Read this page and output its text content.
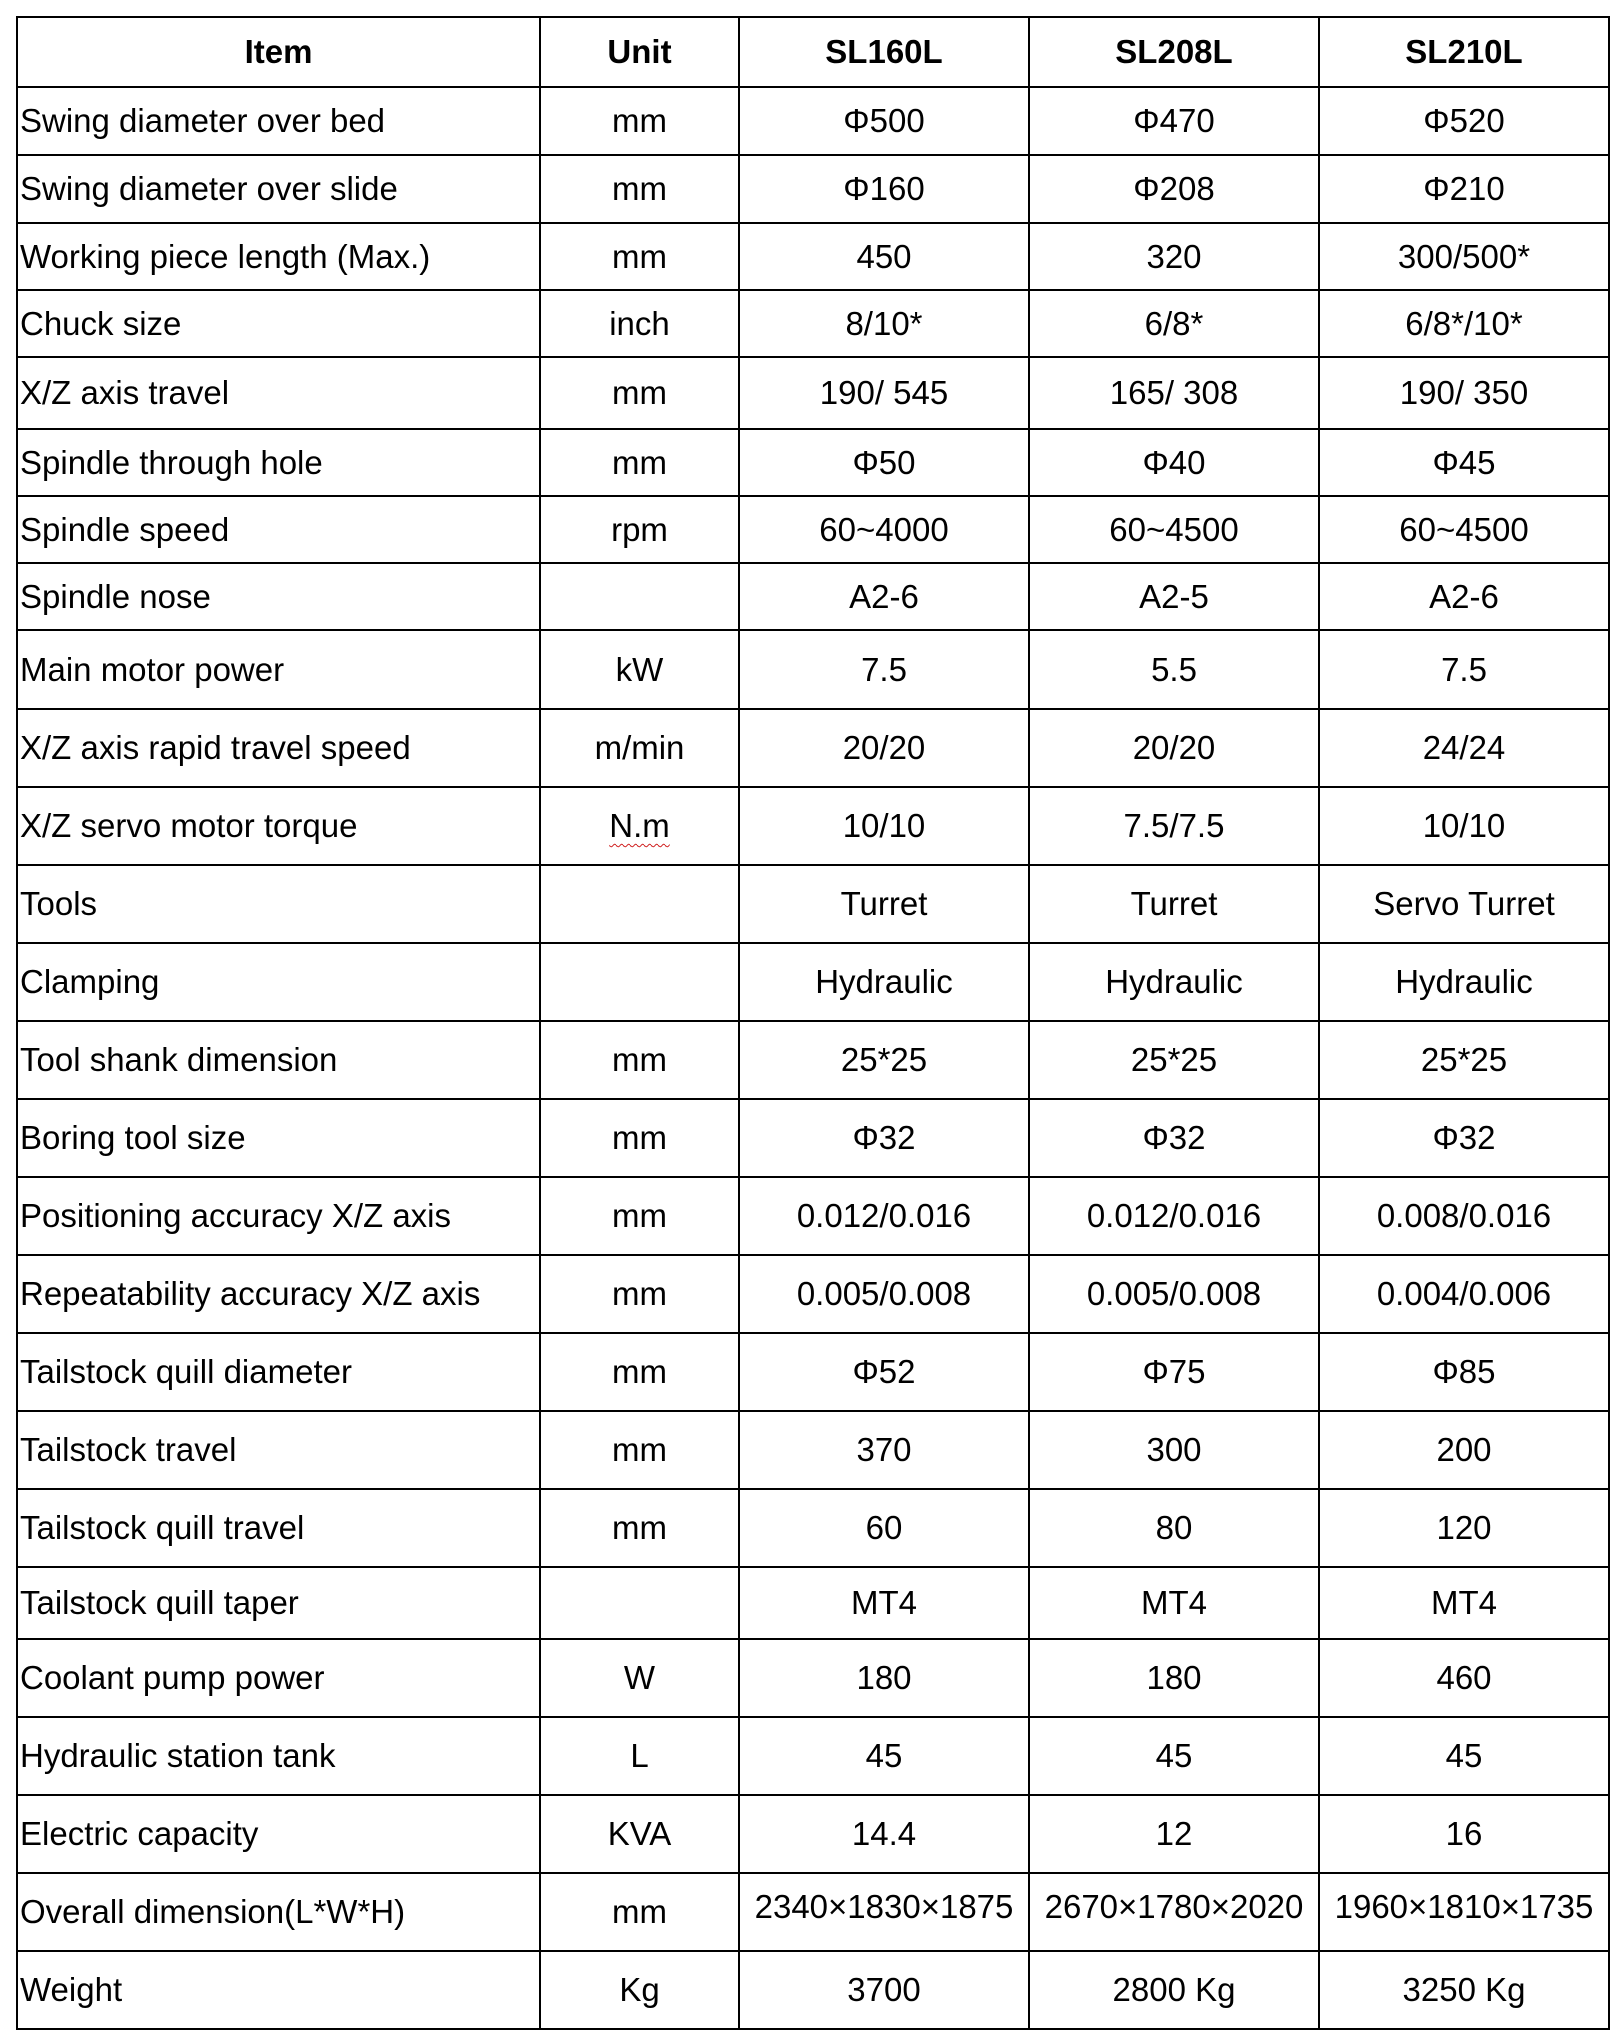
Item	Unit	SL160L	SL208L	SL210L
Swing diameter over bed	mm	Φ500	Φ470	Φ520
Swing diameter over slide	mm	Φ160	Φ208	Φ210
Working piece length (Max.)	mm	450	320	300/500*
Chuck size	inch	8/10*	6/8*	6/8*/10*
X/Z axis travel	mm	190/ 545	165/ 308	190/ 350
Spindle through hole	mm	Φ50	Φ40	Φ45
Spindle speed	rpm	60~4000	60~4500	60~4500
Spindle nose		A2-6	A2-5	A2-6
Main motor power	kW	7.5	5.5	7.5
X/Z axis rapid travel speed	m/min	20/20	20/20	24/24
X/Z servo motor torque	N.m	10/10	7.5/7.5	10/10
Tools		Turret	Turret	Servo Turret
Clamping		Hydraulic	Hydraulic	Hydraulic
Tool shank dimension	mm	25*25	25*25	25*25
Boring tool size	mm	Φ32	Φ32	Φ32
Positioning accuracy X/Z axis	mm	0.012/0.016	0.012/0.016	0.008/0.016
Repeatability accuracy X/Z axis	mm	0.005/0.008	0.005/0.008	0.004/0.006
Tailstock quill diameter	mm	Φ52	Φ75	Φ85
Tailstock travel	mm	370	300	200
Tailstock quill travel	mm	60	80	120
Tailstock quill taper		MT4	MT4	MT4
Coolant pump power	W	180	180	460
Hydraulic station tank	L	45	45	45
Electric capacity	KVA	14.4	12	16
Overall dimension(L*W*H)	mm	2340×1830×1875	2670×1780×2020	1960×1810×1735
Weight	Kg	3700	2800 Kg	3250 Kg
